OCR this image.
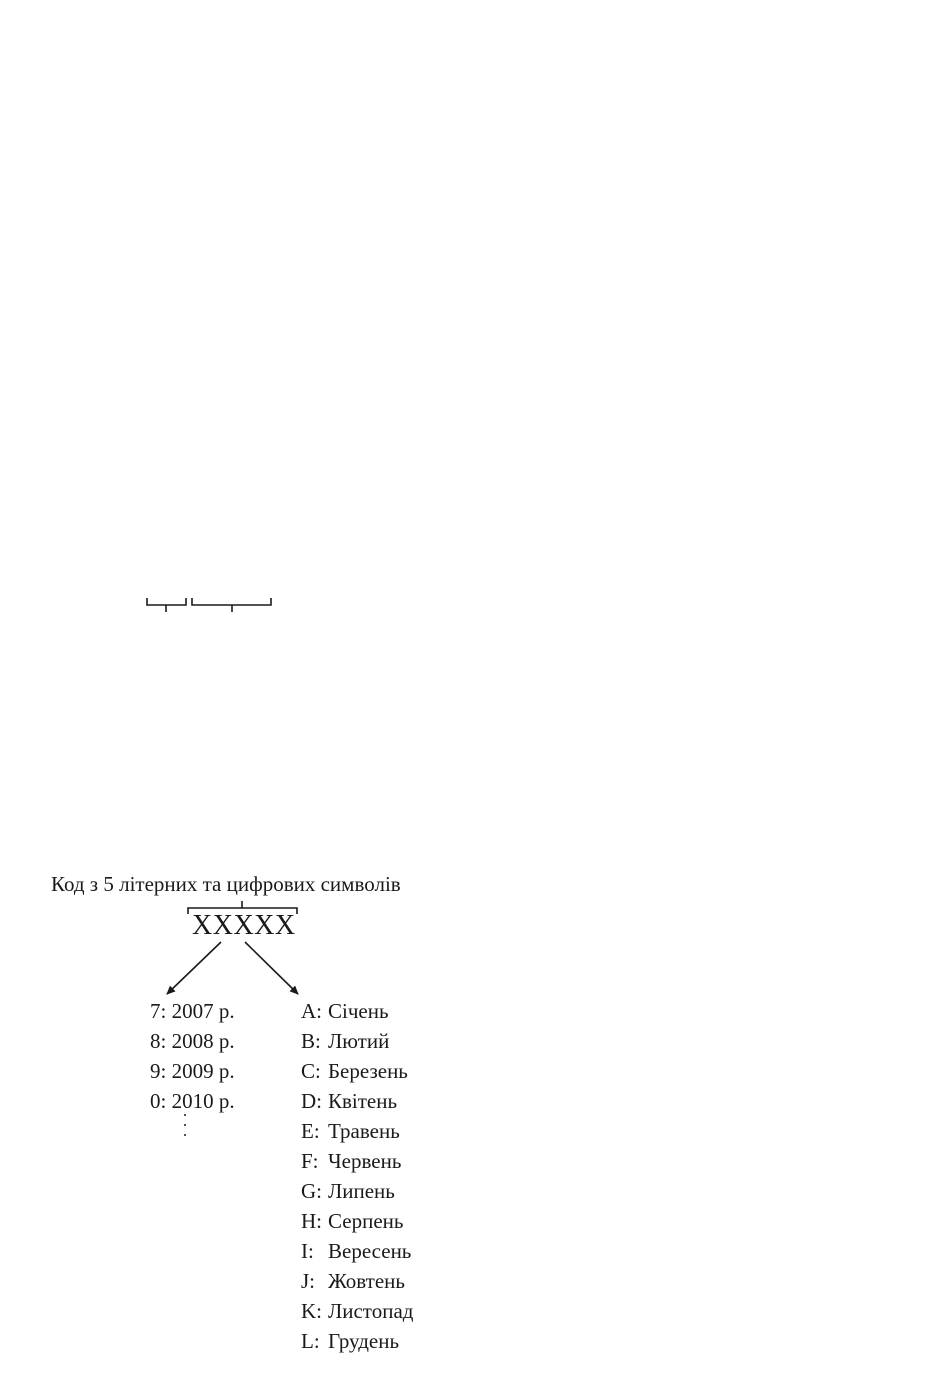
Код з 5 літерних та цифрових символів
XXXXX
7: 2007 р.
8: 2008 р.
9: 2009 р.
0: 2010 р.
A: Січень
B: Лютий
C: Березень
D: Квітень
E: Травень
F: Червень
G: Липень
H: Серпень
I: Вересень
J: Жовтень
K: Листопад
L: Грудень
